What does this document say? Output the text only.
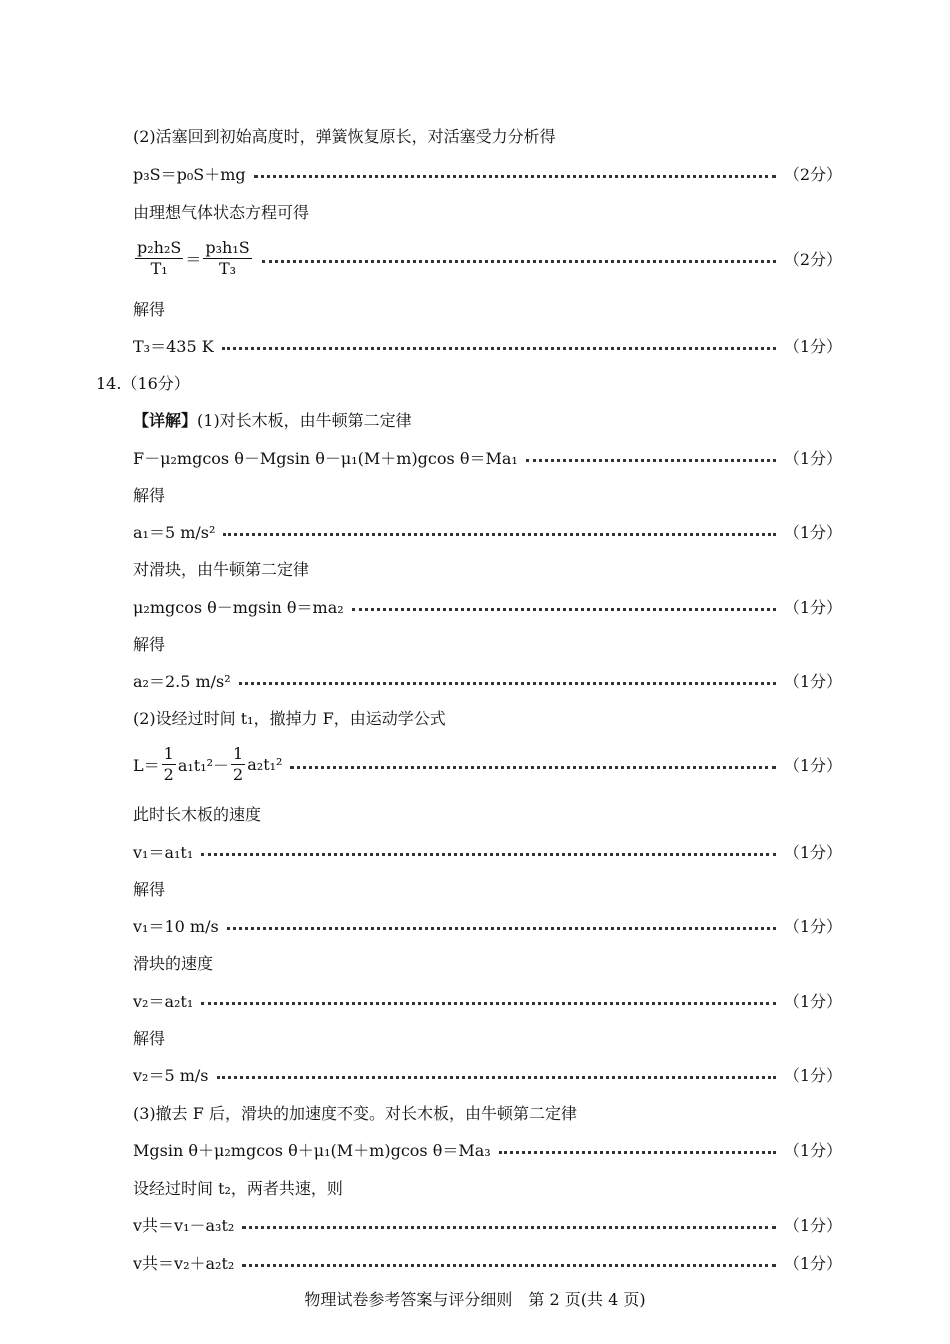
(2)活塞回到初始高度时，弹簧恢复原长，对活塞受力分析得
p₃S＝p₀S＋mg	（2分）
由理想气体状态方程可得
$\frac{\text{p₂h₂S}}{\text{T₁}} = \frac{\text{p₃h₁S}}{\text{T₃}}$	（2分）
解得
T₃＝435 K	（1分）
14.（16分）
【详解】 (1)对长木板，由牛顿第二定律
F－μ₂mgcos θ－Mgsin θ－μ₁(M＋m)gcos θ＝Ma₁	（1分）
解得
a₁＝5 m/s²	（1分）
对滑块，由牛顿第二定律
μ₂mgcos θ－mgsin θ＝ma₂	（1分）
解得
a₂＝2.5 m/s²	（1分）
(2)设经过时间 t₁，撤掉力 F，由运动学公式
$L= \frac{1}{2} a_1t_1^2- \frac{1}{2} a_2t_1^2$	（1分）
此时长木板的速度
v₁＝a₁t₁	（1分）
解得
v₁＝10 m/s	（1分）
滑块的速度
v₂＝a₂t₁	（1分）
解得
v₂＝5 m/s	（1分）
(3)撤去 F 后，滑块的加速度不变。对长木板，由牛顿第二定律
Mgsin θ＋μ₂mgcos θ＋μ₁(M＋m)gcos θ＝Ma₃	（1分）
设经过时间 t₂，两者共速，则
v共＝v₁－a₃t₂	（1分）
v共＝v₂＋a₂t₂	（1分）
物理试卷参考答案与评分细则　第 2 页(共 4 页)
